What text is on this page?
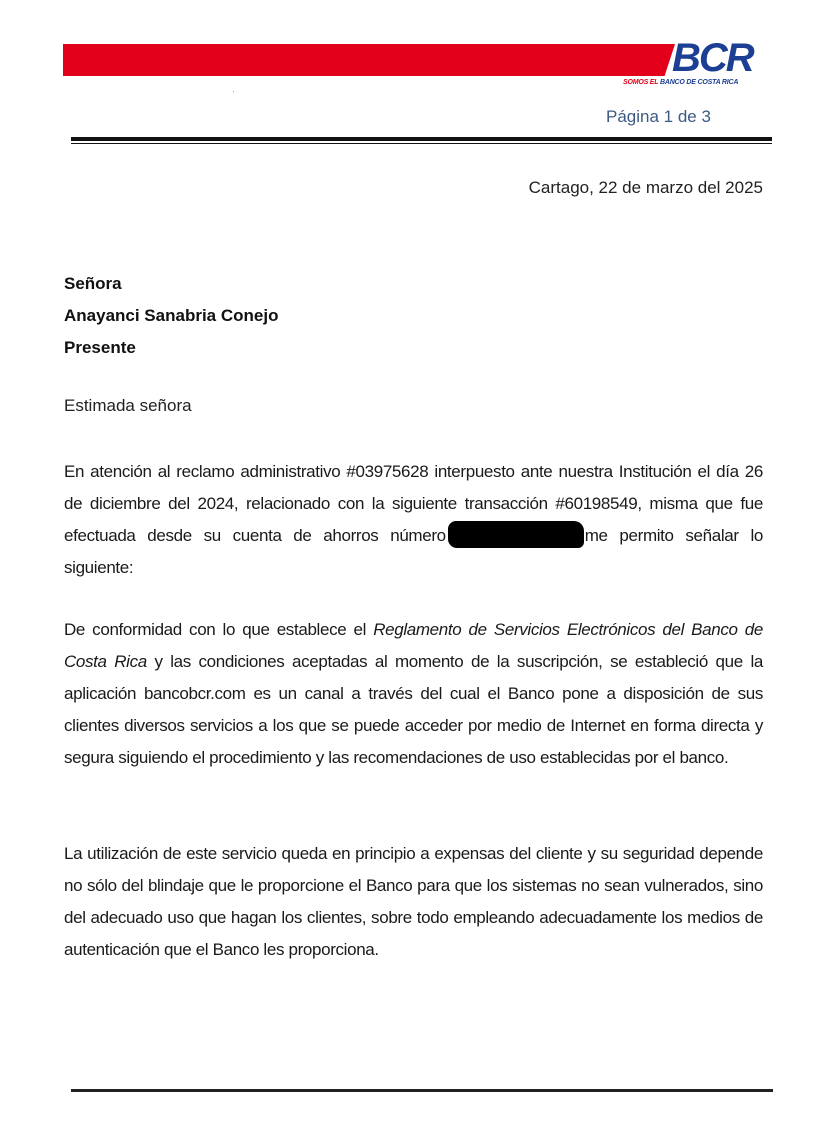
BCR
SOMOS EL BANCO DE COSTA RICA
Página 1 de 3
Cartago, 22 de marzo del 2025
Señora
Anayanci Sanabria Conejo
Presente
Estimada señora
En atención al reclamo administrativo #03975628 interpuesto ante nuestra Institución el día 26 de diciembre del 2024, relacionado con la siguiente transacción #60198549, misma que fue efectuada desde su cuenta de ahorros número	me permito señalar lo siguiente:
De conformidad con lo que establece el Reglamento de Servicios Electrónicos del Banco de Costa Rica y las condiciones aceptadas al momento de la suscripción, se estableció que la aplicación bancobcr.com es un canal a través del cual el Banco pone a disposición de sus clientes diversos servicios a los que se puede acceder por medio de Internet en forma directa y segura siguiendo el procedimiento y las recomendaciones de uso establecidas por el banco.
La utilización de este servicio queda en principio a expensas del cliente y su seguridad depende no sólo del blindaje que le proporcione el Banco para que los sistemas no sean vulnerados, sino del adecuado uso que hagan los clientes, sobre todo empleando adecuadamente los medios de autenticación que el Banco les proporciona.
